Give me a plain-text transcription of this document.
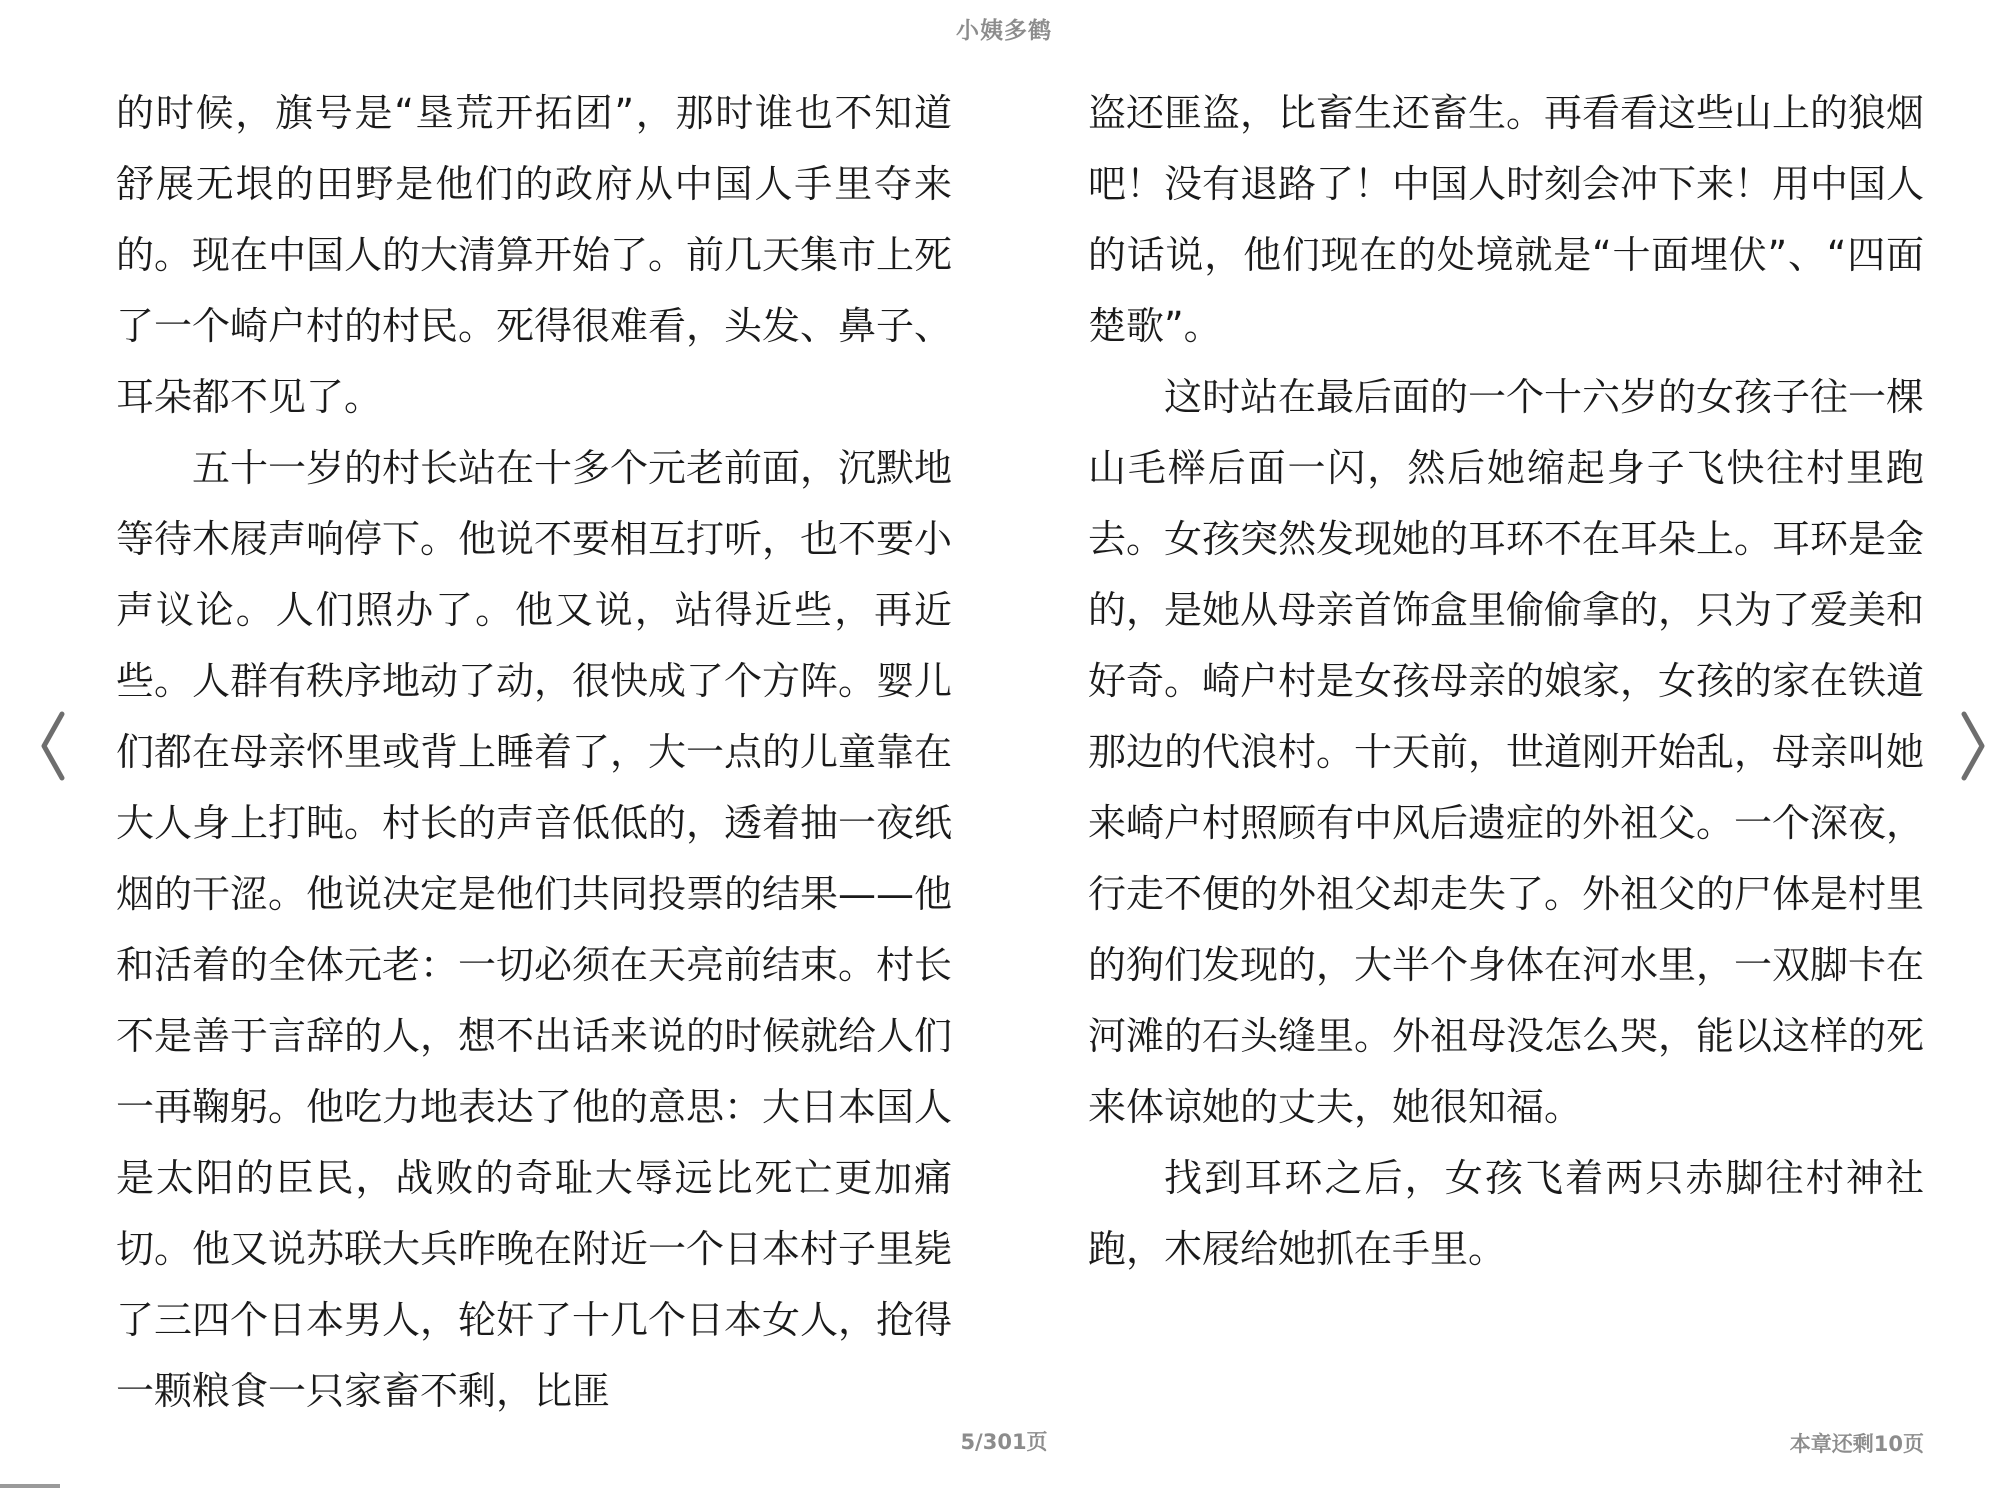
小姨多鹤

的时候，旗号是“垦荒开拓团”，那时谁也不知道舒展无垠的田野是他们的政府从中国人手里夺来的。现在中国人的大清算开始了。前几天集市上死了一个崎户村的村民。死得很难看，头发、鼻子、耳朵都不见了。

五十一岁的村长站在十多个元老前面，沉默地等待木屐声响停下。他说不要相互打听，也不要小声议论。人们照办了。他又说，站得近些，再近些。人群有秩序地动了动，很快成了个方阵。婴儿们都在母亲怀里或背上睡着了，大一点的儿童靠在大人身上打盹。村长的声音低低的，透着抽一夜纸烟的干涩。他说决定是他们共同投票的结果——他和活着的全体元老：一切必须在天亮前结束。村长不是善于言辞的人，想不出话来说的时候就给人们一再鞠躬。他吃力地表达了他的意思：大日本国人是太阳的臣民，战败的奇耻大辱远比死亡更加痛切。他又说苏联大兵昨晚在附近一个日本村子里毙了三四个日本男人，轮奸了十几个日本女人，抢得一颗粮食一只家畜不剩，比匪

盗还匪盗，比畜生还畜生。再看看这些山上的狼烟吧！没有退路了！中国人时刻会冲下来！用中国人的话说，他们现在的处境就是“十面埋伏”、“四面楚歌”。

这时站在最后面的一个十六岁的女孩子往一棵山毛榉后面一闪，然后她缩起身子飞快往村里跑去。女孩突然发现她的耳环不在耳朵上。耳环是金的，是她从母亲首饰盒里偷偷拿的，只为了爱美和好奇。崎户村是女孩母亲的娘家，女孩的家在铁道那边的代浪村。十天前，世道刚开始乱，母亲叫她来崎户村照顾有中风后遗症的外祖父。一个深夜，行走不便的外祖父却走失了。外祖父的尸体是村里的狗们发现的，大半个身体在河水里，一双脚卡在河滩的石头缝里。外祖母没怎么哭，能以这样的死来体谅她的丈夫，她很知福。

找到耳环之后，女孩飞着两只赤脚往村神社跑，木屐给她抓在手里。

5/301页	本章还剩10页
